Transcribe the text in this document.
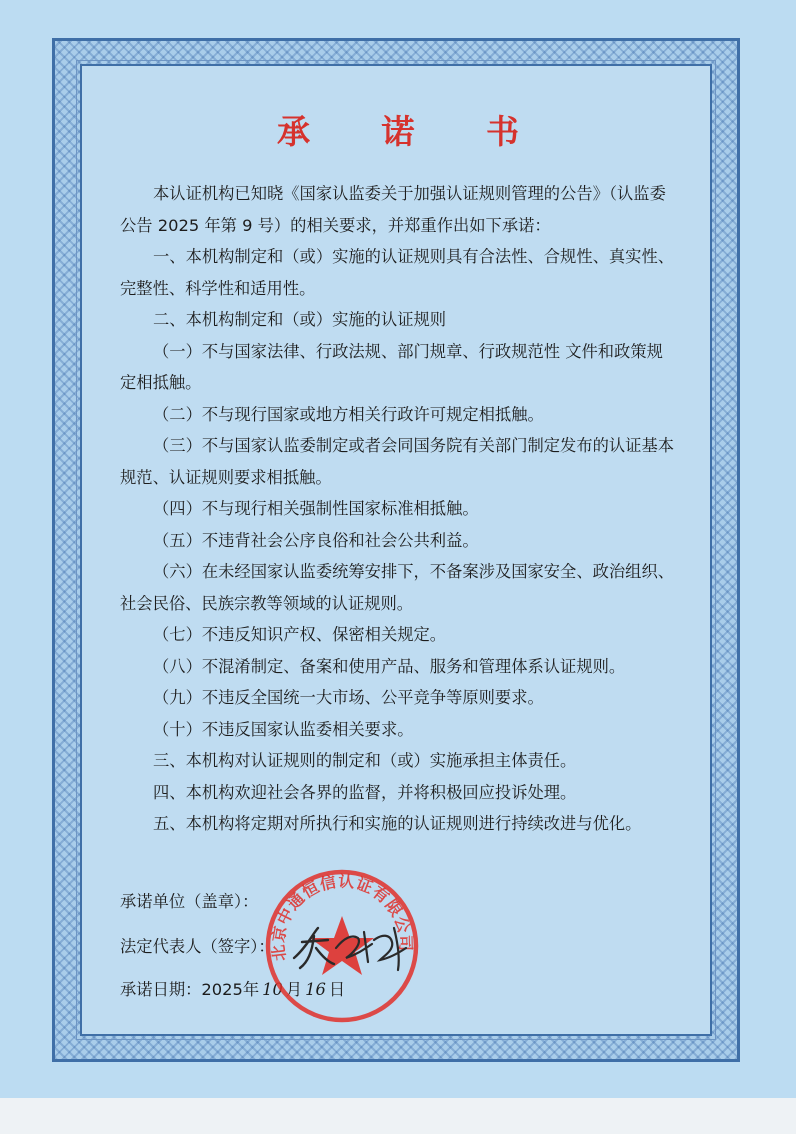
承 诺 书

本认证机构已知晓《国家认监委关于加强认证规则管理的公告》（认监委公告 2025 年第 9 号）的相关要求，并郑重作出如下承诺：

一、本机构制定和（或）实施的认证规则具有合法性、合规性、真实性、完整性、科学性和适用性。

二、本机构制定和（或）实施的认证规则

（一）不与国家法律、行政法规、部门规章、行政规范性 文件和政策规定相抵触。

（二）不与现行国家或地方相关行政许可规定相抵触。

（三）不与国家认监委制定或者会同国务院有关部门制定发布的认证基本规范、认证规则要求相抵触。

（四）不与现行相关强制性国家标准相抵触。

（五）不违背社会公序良俗和社会公共利益。

（六）在未经国家认监委统筹安排下，不备案涉及国家安全、政治组织、社会民俗、民族宗教等领域的认证规则。

（七）不违反知识产权、保密相关规定。

（八）不混淆制定、备案和使用产品、服务和管理体系认证规则。

（九）不违反全国统一大市场、公平竞争等原则要求。

（十）不违反国家认监委相关要求。

三、本机构对认证规则的制定和（或）实施承担主体责任。

四、本机构欢迎社会各界的监督，并将积极回应投诉处理。

五、本机构将定期对所执行和实施的认证规则进行持续改进与优化。

承诺单位（盖章）：
法定代表人（签字）：
承诺日期：2025年 10 月 16 日
北京中通恒信认证有限公司
